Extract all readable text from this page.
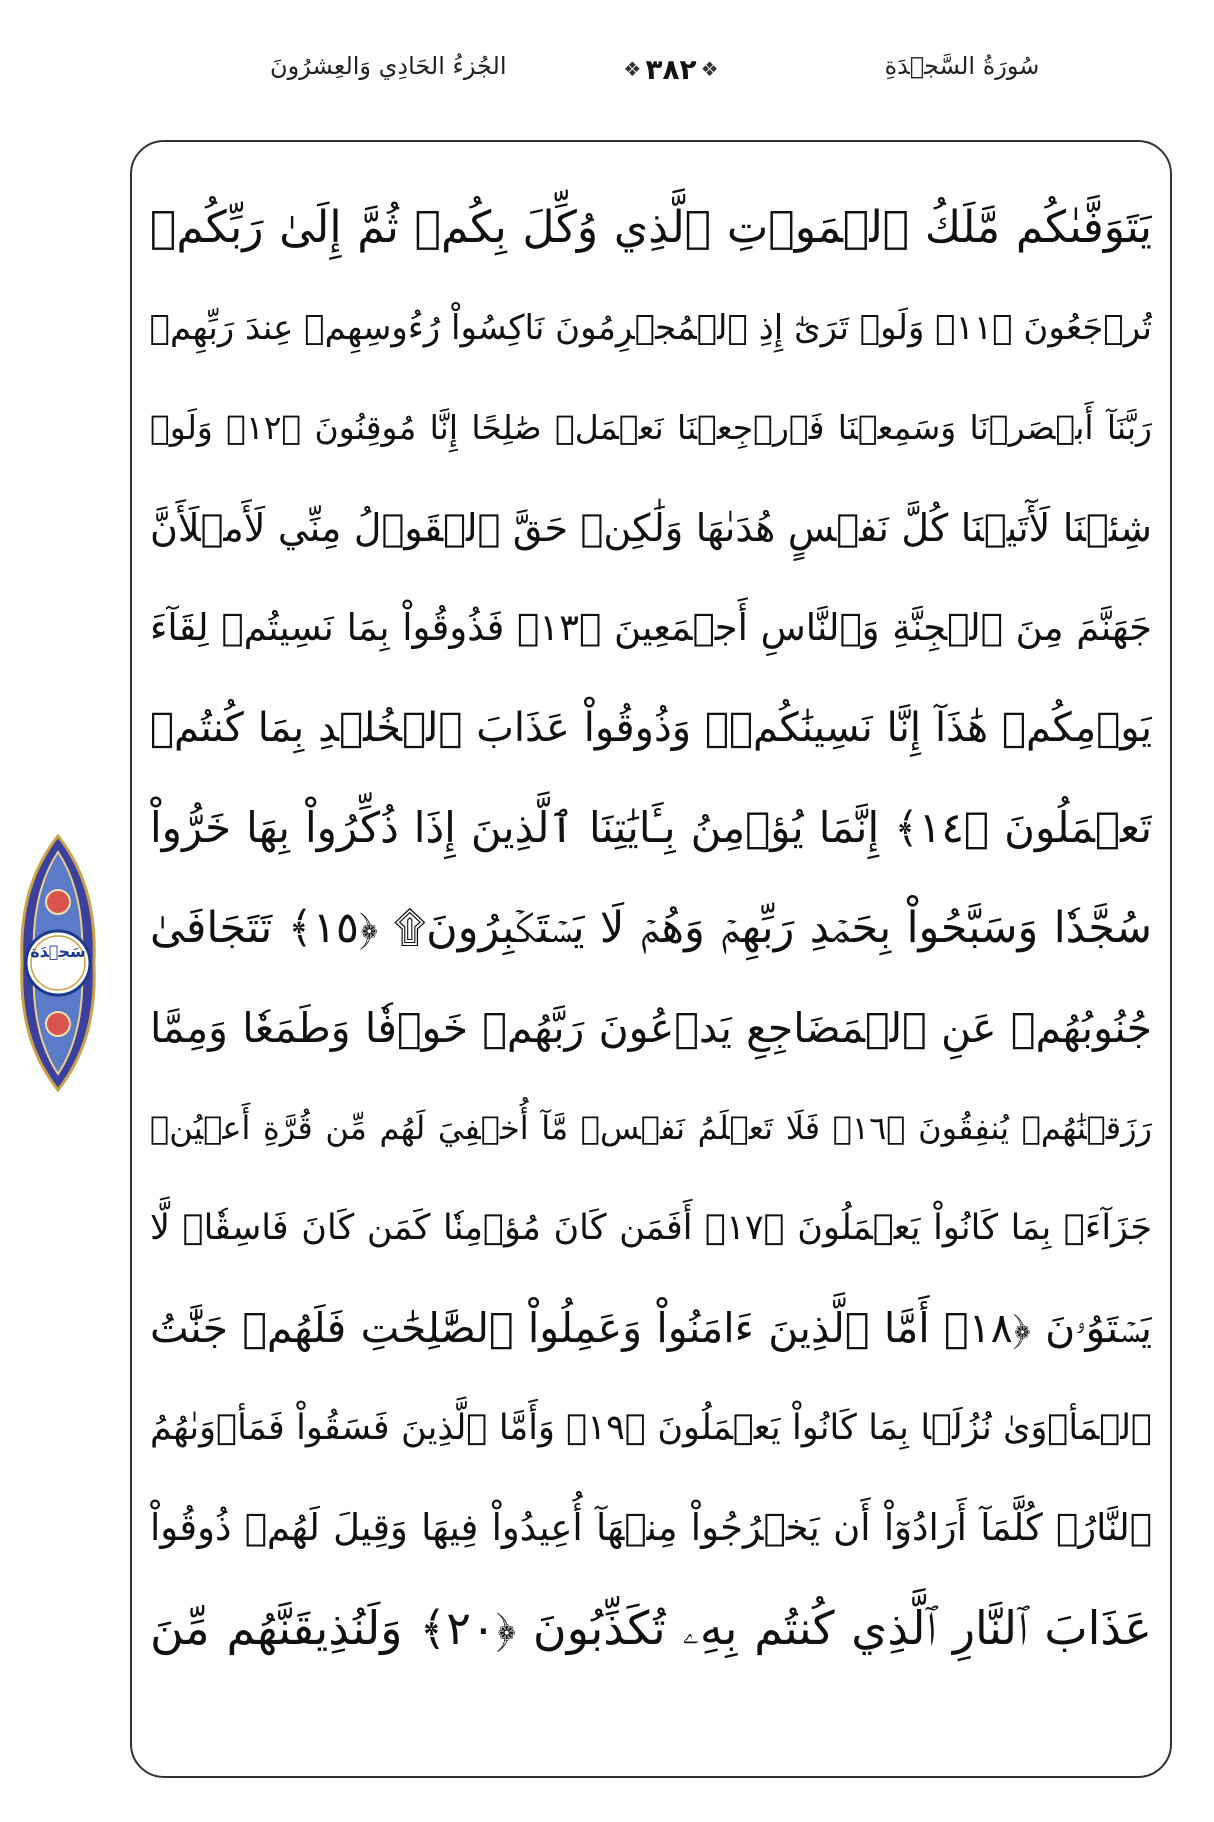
سُورَةُ السَّجۡدَةِ
❖ ٣٨٢ ❖
الجُزءُ الحَادِي وَالعِشرُونَ
سَجۡدَة
يَتَوَفَّىٰكُم مَّلَكُ ٱلۡمَوۡتِ ٱلَّذِي وُكِّلَ بِكُمۡ ثُمَّ إِلَىٰ رَبِّكُمۡ
تُرۡجَعُونَ ﴿١١﴾ وَلَوۡ تَرَىٰٓ إِذِ ٱلۡمُجۡرِمُونَ نَاكِسُواْ رُءُوسِهِمۡ عِندَ رَبِّهِمۡ
رَبَّنَآ أَبۡصَرۡنَا وَسَمِعۡنَا فَٱرۡجِعۡنَا نَعۡمَلۡ صَٰلِحًا إِنَّا مُوقِنُونَ ﴿١٢﴾ وَلَوۡ
شِئۡنَا لَأٓتَيۡنَا كُلَّ نَفۡسٍ هُدَىٰهَا وَلَٰكِنۡ حَقَّ ٱلۡقَوۡلُ مِنِّي لَأَمۡلَأَنَّ
جَهَنَّمَ مِنَ ٱلۡجِنَّةِ وَٱلنَّاسِ أَجۡمَعِينَ ﴿١٣﴾ فَذُوقُواْ بِمَا نَسِيتُمۡ لِقَآءَ
يَوۡمِكُمۡ هَٰذَآ إِنَّا نَسِينَٰكُمۡۖ وَذُوقُواْ عَذَابَ ٱلۡخُلۡدِ بِمَا كُنتُمۡ
تَعۡمَلُونَ ﴿١٤﴾ إِنَّمَا يُؤۡمِنُ بِـَٔايَٰتِنَا ٱلَّذِينَ إِذَا ذُكِّرُواْ بِهَا خَرُّواْ
سُجَّدٗا وَسَبَّحُواْ بِحَمۡدِ رَبِّهِمۡ وَهُمۡ لَا يَسۡتَكۡبِرُونَ۩ ﴿١٥﴾ تَتَجَافَىٰ
جُنُوبُهُمۡ عَنِ ٱلۡمَضَاجِعِ يَدۡعُونَ رَبَّهُمۡ خَوۡفٗا وَطَمَعٗا وَمِمَّا
رَزَقۡنَٰهُمۡ يُنفِقُونَ ﴿١٦﴾ فَلَا تَعۡلَمُ نَفۡسٞ مَّآ أُخۡفِيَ لَهُم مِّن قُرَّةِ أَعۡيُنٖ
جَزَآءَۢ بِمَا كَانُواْ يَعۡمَلُونَ ﴿١٧﴾ أَفَمَن كَانَ مُؤۡمِنٗا كَمَن كَانَ فَاسِقٗاۚ لَّا
يَسۡتَوُۥنَ ﴿١٨﴾ أَمَّا ٱلَّذِينَ ءَامَنُواْ وَعَمِلُواْ ٱلصَّٰلِحَٰتِ فَلَهُمۡ جَنَّٰتُ
ٱلۡمَأۡوَىٰ نُزُلَۢا بِمَا كَانُواْ يَعۡمَلُونَ ﴿١٩﴾ وَأَمَّا ٱلَّذِينَ فَسَقُواْ فَمَأۡوَىٰهُمُ
ٱلنَّارُۖ كُلَّمَآ أَرَادُوٓاْ أَن يَخۡرُجُواْ مِنۡهَآ أُعِيدُواْ فِيهَا وَقِيلَ لَهُمۡ ذُوقُواْ
عَذَابَ ٱلنَّارِ ٱلَّذِي كُنتُم بِهِۦ تُكَذِّبُونَ ﴿٢٠﴾ وَلَنُذِيقَنَّهُم مِّنَ
